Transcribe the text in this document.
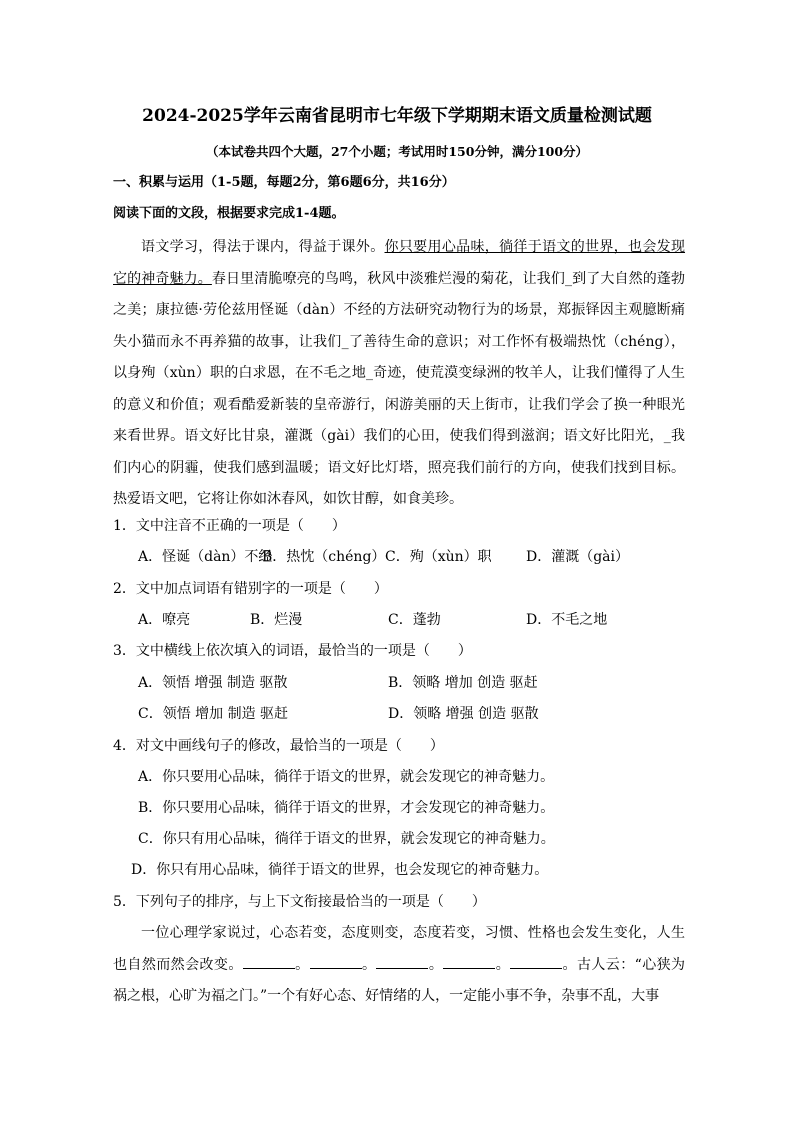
2024-2025学年云南省昆明市七年级下学期期末语文质量检测试题
（本试卷共四个大题，27个小题；考试用时150分钟，满分100分）
一、积累与运用（1-5题，每题2分，第6题6分，共16分）
阅读下面的文段，根据要求完成1-4题。

语文学习，得法于课内，得益于课外。你只要用心品味，徜徉于语文的世界，也会发现它的神奇魅力。春日里清脆嘹亮的鸟鸣，秋风中淡雅烂漫的菊花，让我们_到了大自然的蓬勃之美；康拉德·劳伦兹用怪诞（dàn）不经的方法研究动物行为的场景，郑振铎因主观臆断痛失小猫而永不再养猫的故事，让我们_了善待生命的意识；对工作怀有极端热忱（chéng），以身殉（xùn）职的白求恩，在不毛之地_奇迹，使荒漠变绿洲的牧羊人，让我们懂得了人生的意义和价值；观看酷爱新装的皇帝游行，闲游美丽的天上街市，让我们学会了换一种眼光来看世界。语文好比甘泉，灌溉（gài）我们的心田，使我们得到滋润；语文好比阳光，_我们内心的阴霾，使我们感到温暖；语文好比灯塔，照亮我们前行的方向，使我们找到目标。热爱语文吧，它将让你如沐春风，如饮甘醇，如食美珍。

1．文中注音不正确的一项是（　　）
A．怪诞（dàn）不经
B．热忱（chéng） C．殉（xùn）职 D．灌溉（gài）
2．文中加点词语有错别字的一项是（　　）
A．嘹亮	B．烂漫	C．蓬勃	D．不毛之地
3．文中横线上依次填入的词语，最恰当的一项是（　　）
A．领悟 增强 制造 驱散	B．领略 增加 创造 驱赶
C．领悟 增加 制造 驱赶	D．领略 增强 创造 驱散
4．对文中画线句子的修改，最恰当的一项是（　　）
A．你只要用心品味，徜徉于语文的世界，就会发现它的神奇魅力。
B．你只要用心品味，徜徉于语文的世界，才会发现它的神奇魅力。
C．你只有用心品味，徜徉于语文的世界，就会发现它的神奇魅力。
D．你只有用心品味，徜徉于语文的世界，也会发现它的神奇魅力。
5．下列句子的排序，与上下文衔接最恰当的一项是（　　）

一位心理学家说过，心态若变，态度则变，态度若变，习惯、性格也会发生变化，人生也自然而然会改变。	。	。	。	。	。古人云：“心狭为祸之根，心旷为福之门。”一个有好心态、好情绪的人，一定能小事不争，杂事不乱，大事
